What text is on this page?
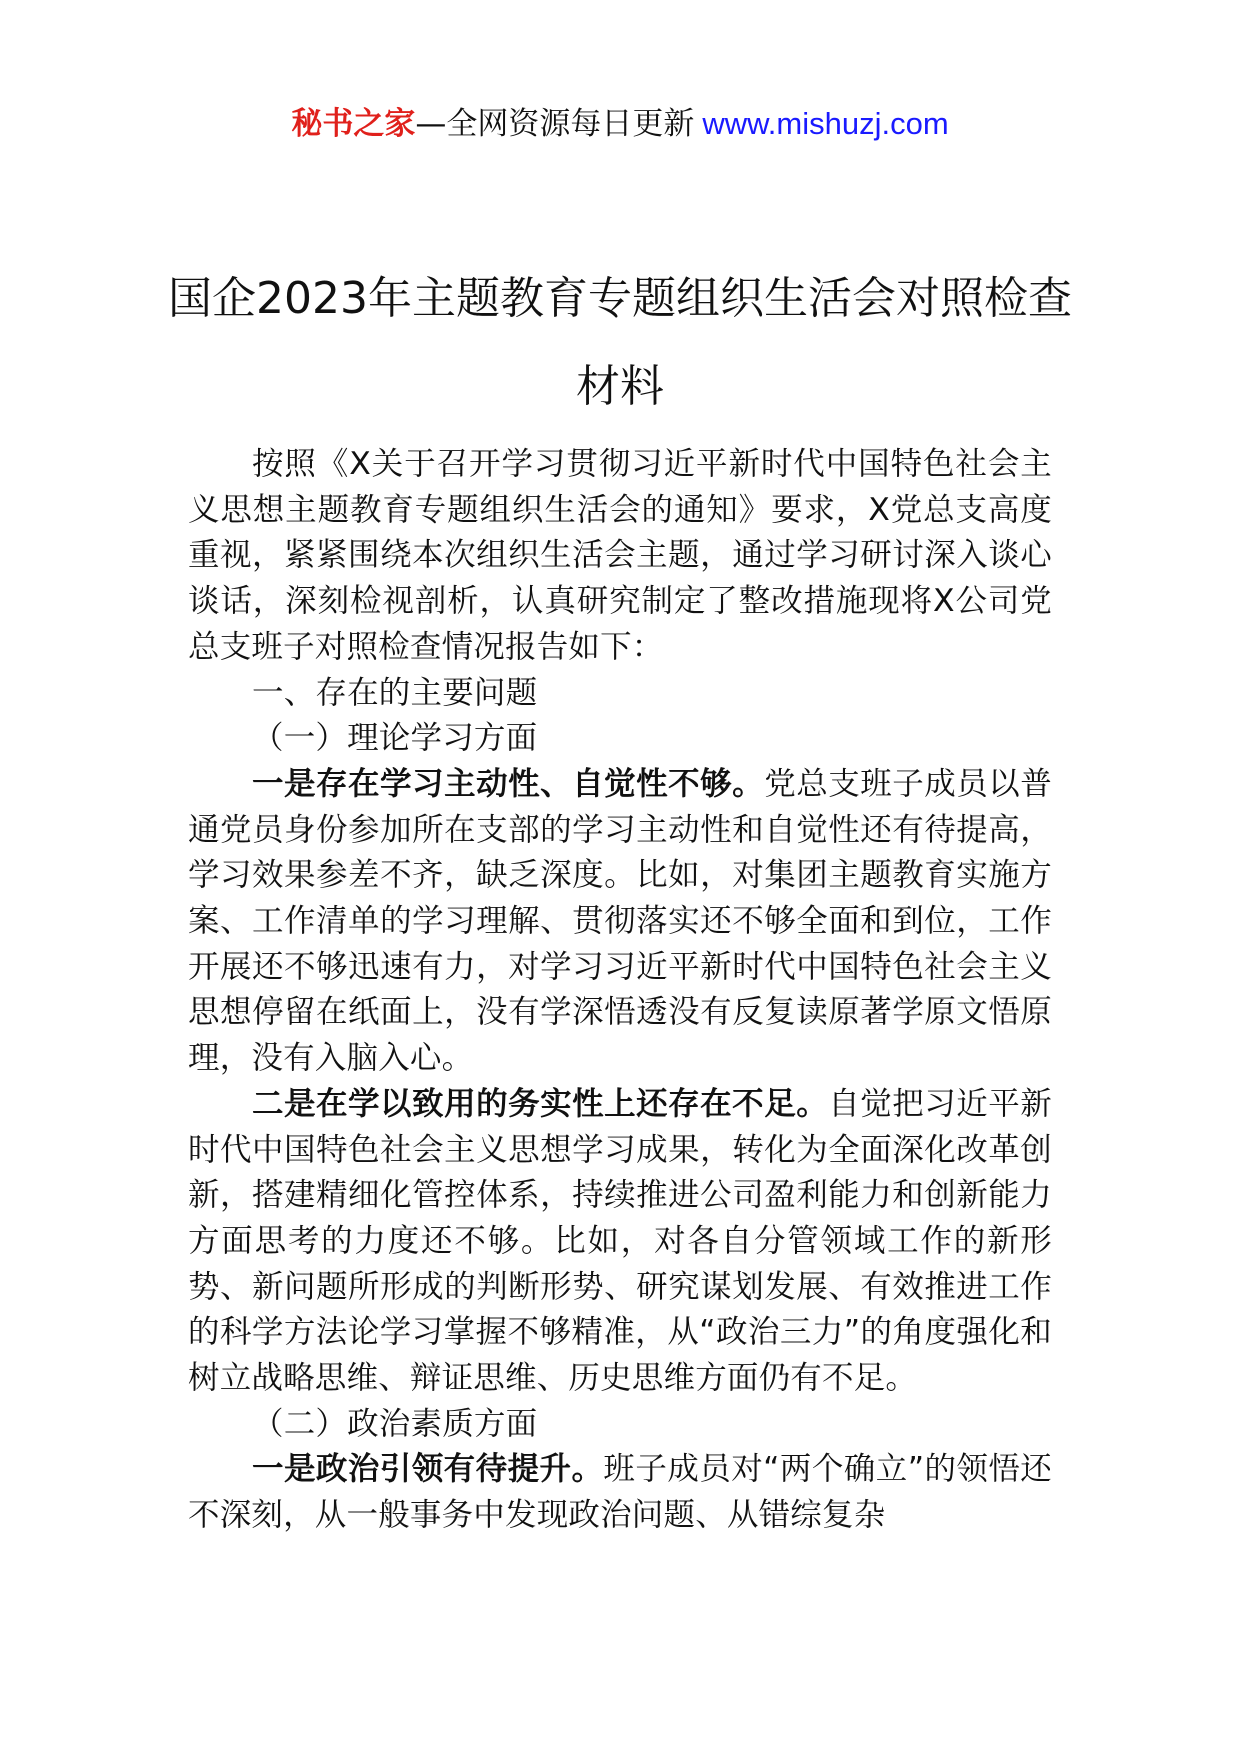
秘书之家—全网资源每日更新 www.mishuzj.com
国企2023年主题教育专题组织生活会对照检查材料

按照《X关于召开学习贯彻习近平新时代中国特色社会主义思想主题教育专题组织生活会的通知》要求，X党总支高度重视，紧紧围绕本次组织生活会主题，通过学习研讨深入谈心谈话，深刻检视剖析，认真研究制定了整改措施现将X公司党总支班子对照检查情况报告如下：

一、存在的主要问题

（一）理论学习方面

一是存在学习主动性、自觉性不够。党总支班子成员以普通党员身份参加所在支部的学习主动性和自觉性还有待提高，学习效果参差不齐，缺乏深度。比如，对集团主题教育实施方案、工作清单的学习理解、贯彻落实还不够全面和到位，工作开展还不够迅速有力，对学习习近平新时代中国特色社会主义思想停留在纸面上，没有学深悟透没有反复读原著学原文悟原理，没有入脑入心。

二是在学以致用的务实性上还存在不足。自觉把习近平新时代中国特色社会主义思想学习成果，转化为全面深化改革创新，搭建精细化管控体系，持续推进公司盈利能力和创新能力方面思考的力度还不够。比如，对各自分管领域工作的新形势、新问题所形成的判断形势、研究谋划发展、有效推进工作的科学方法论学习掌握不够精准，从“政治三力”的角度强化和树立战略思维、辩证思维、历史思维方面仍有不足。

（二）政治素质方面

一是政治引领有待提升。班子成员对“两个确立”的领悟还不深刻，从一般事务中发现政治问题、从错综复杂
